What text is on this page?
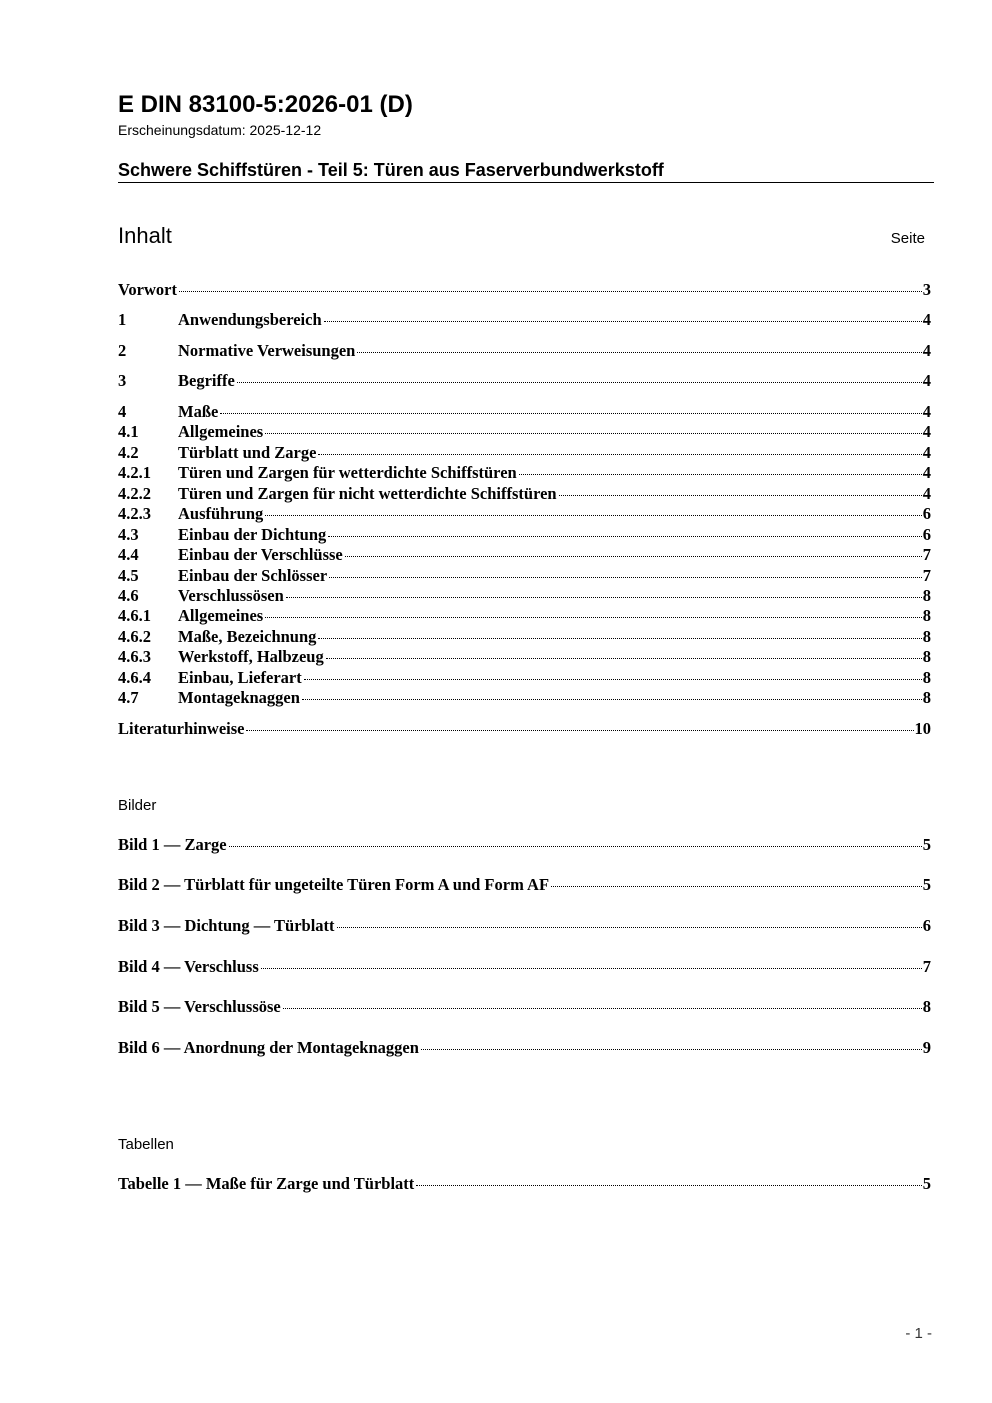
E DIN 83100-5:2026-01 (D)
Erscheinungsdatum: 2025-12-12
Schwere Schiffstüren - Teil 5: Türen aus Faserverbundwerkstoff
Inhalt	Seite
Vorwort	3
1	Anwendungsbereich	4
2	Normative Verweisungen	4
3	Begriffe	4
4	Maße	4
4.1	Allgemeines	4
4.2	Türblatt und Zarge	4
4.2.1	Türen und Zargen für wetterdichte Schiffstüren	4
4.2.2	Türen und Zargen für nicht wetterdichte Schiffstüren	4
4.2.3	Ausführung	6
4.3	Einbau der Dichtung	6
4.4	Einbau der Verschlüsse	7
4.5	Einbau der Schlösser	7
4.6	Verschlussösen	8
4.6.1	Allgemeines	8
4.6.2	Maße, Bezeichnung	8
4.6.3	Werkstoff, Halbzeug	8
4.6.4	Einbau, Lieferart	8
4.7	Montageknaggen	8
Literaturhinweise	10
Bilder
Bild 1 — Zarge	5
Bild 2 — Türblatt für ungeteilte Türen Form A und Form AF	5
Bild 3 — Dichtung — Türblatt	6
Bild 4 — Verschluss	7
Bild 5 — Verschlussöse	8
Bild 6 — Anordnung der Montageknaggen	9
Tabellen
Tabelle 1 — Maße für Zarge und Türblatt	5
- 1 -
